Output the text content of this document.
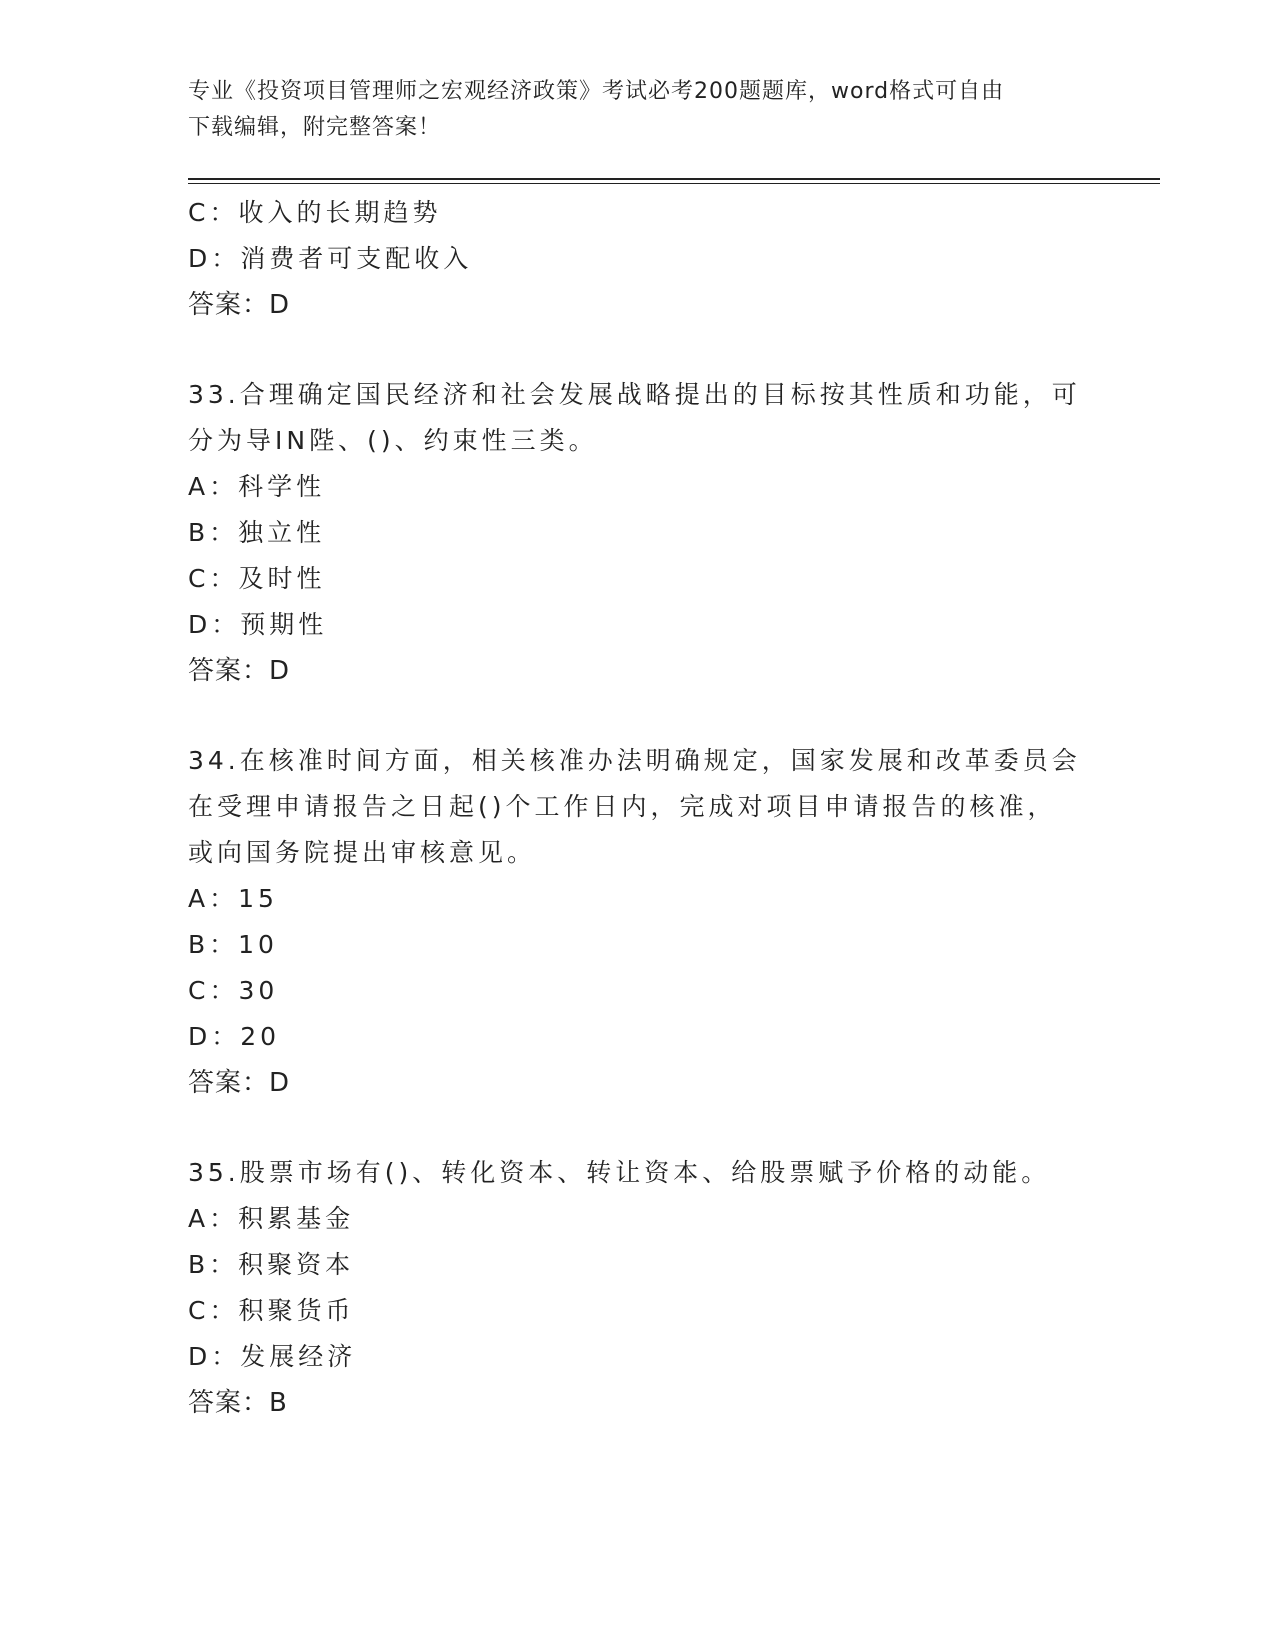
专业《投资项目管理师之宏观经济政策》考试必考200题题库，word格式可自由
下载编辑，附完整答案！
C：收入的长期趋势
D：消费者可支配收入
答案：D
33.合理确定国民经济和社会发展战略提出的目标按其性质和功能，可
分为导IN陛、()、约束性三类。
A：科学性
B：独立性
C：及时性
D：预期性
答案：D
34.在核准时间方面，相关核准办法明确规定，国家发展和改革委员会
在受理申请报告之日起()个工作日内，完成对项目申请报告的核准，
或向国务院提出审核意见。
A：15
B：10
C：30
D：20
答案：D
35.股票市场有()、转化资本、转让资本、给股票赋予价格的动能。
A：积累基金
B：积聚资本
C：积聚货币
D：发展经济
答案：B
